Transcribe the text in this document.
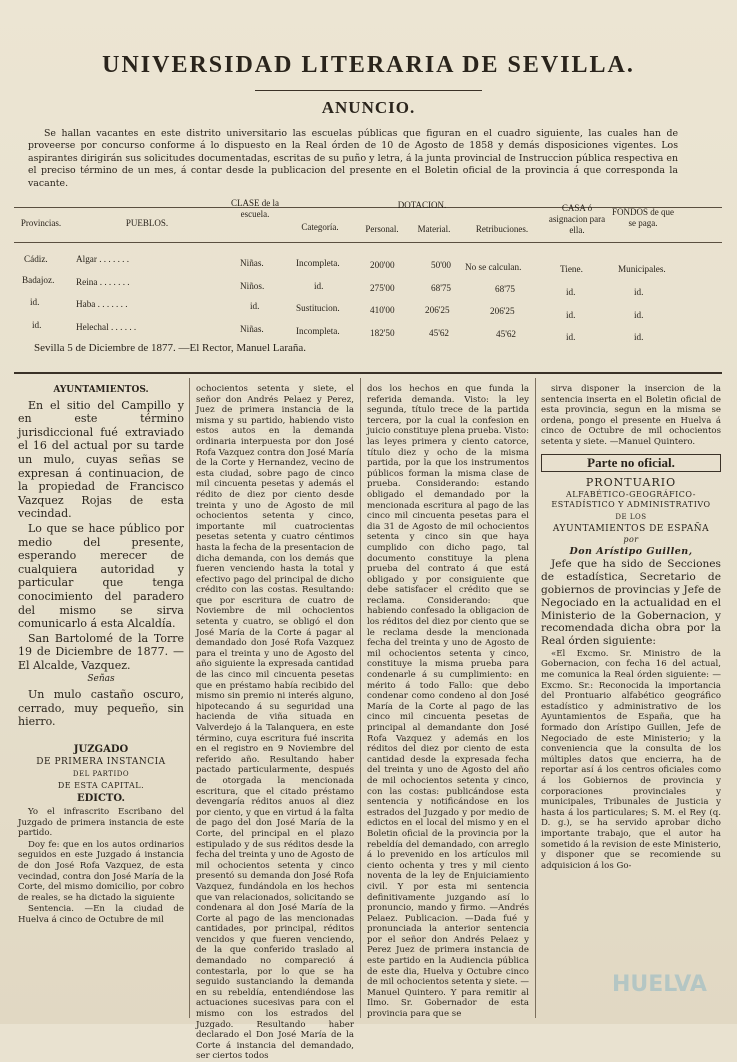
UNIVERSIDAD LITERARIA DE SEVILLA.
ANUNCIO.
Se hallan vacantes en este distrito universitario las escuelas públicas que figuran en el cuadro siguiente, las cuales han de proveerse por concurso conforme á lo dispuesto en la Real órden de 10 de Agosto de 1858 y demás disposiciones vigentes. Los aspirantes dirigirán sus solicitudes documentadas, escritas de su puño y letra, á la junta provincial de Instruccion pública respectiva en el preciso término de un mes, á contar desde la publicacion del presente en el Boletin oficial de la provincia á que corresponda la vacante.
Provincias.	PUEBLOS.
CLASE de la escuela.
Categoría.
DOTACION.
Personal.	Material.	Retribuciones.
CASA ó asignacion para ella.
FONDOS de que se paga.
Cádiz.	Algar . . . . . . .	Niñas.	Incompleta.	200'00	50'00 No se calculan.	Tiene.	Municipales.
Badajoz. Reina . . . . . . .	Niños.	id.	275'00	68'75	68'75	id.	id.
id.	Haba . . . . . . .	id.	Sustitucion.	410'00	206'25	206'25	id.	id.
id.	Helechal . . . . . .	Niñas.	Incompleta.	182'50	45'62	45'62	id.	id.
Sevilla 5 de Diciembre de 1877. —El Rector, Manuel Laraña.

AYUNTAMIENTOS.

En el sitio del Campillo y en este término jurisdiccional fué extraviado el 16 del actual por su tarde un mulo, cuyas señas se expresan á continuacion, de la propiedad de Francisco Vazquez Rojas de esta vecindad.

Lo que se hace público por medio del presente, esperando merecer de cualquiera autoridad y particular que tenga conocimiento del paradero del mismo se sirva comunicarlo á esta Alcaldía.

San Bartolomé de la Torre 19 de Diciembre de 1877. —El Alcalde, Vazquez.

Señas

Un mulo castaño oscuro, cerrado, muy pequeño, sin hierro.

JUZGADO

DE PRIMERA INSTANCIA

DEL PARTIDO

DE ESTA CAPITAL.

EDICTO.

Yo el infrascrito Escribano del Juzgado de primera instancia de este partido.

Doy fe: que en los autos ordinarios seguidos en este Juzgado á instancia de don José Rofa Vazquez, de esta vecindad, contra don José María de la Corte, del mismo domicilio, por cobro de reales, se ha dictado la siguiente

Sentencia. —En la ciudad de Huelva á cinco de Octubre de mil

ochocientos setenta y siete, el señor don Andrés Pelaez y Perez, Juez de primera instancia de la misma y su partido, habiendo visto estos autos en la demanda ordinaria interpuesta por don José Rofa Vazquez contra don José María de la Corte y Hernandez, vecino de esta ciudad, sobre pago de cinco mil cincuenta pesetas y además el rédito de diez por ciento desde treinta y uno de Agosto de mil ochocientos setenta y cinco, importante mil cuatrocientas pesetas setenta y cuatro céntimos hasta la fecha de la presentacion de dicha demanda, con los demás que fueren venciendo hasta la total y efectivo pago del principal de dicho crédito con las costas. Resultando: que por escritura de cuatro de Noviembre de mil ochocientos setenta y cuatro, se obligó el don José María de la Corte á pagar al demandado don José Rofa Vazquez para el treinta y uno de Agosto del año siguiente la expresada cantidad de las cinco mil cincuenta pesetas que en préstamo había recibido del mismo sin premio ni interés alguno, hipotecando á su seguridad una hacienda de viña situada en Valverdejo á la Talanquera, en este término, cuya escritura fué inscrita en el registro en 9 Noviembre del referido año. Resultando haber pactado particularmente, después de otorgada la mencionada escritura, que el citado préstamo devengaría réditos anuos al diez por ciento, y que en virtud á la falta de pago del don José María de la Corte, del principal en el plazo estipulado y de sus réditos desde la fecha del treinta y uno de Agosto de mil ochocientos setenta y cinco presentó su demanda don José Rofa Vazquez, fundándola en los hechos que van relacionados, solicitando se condenara al don José María de la Corte al pago de las mencionadas cantidades, por principal, réditos vencidos y que fueren venciendo, de la que conferido traslado al demandado no compareció á contestarla, por lo que se ha seguido sustanciando la demanda en su rebeldía, entendiéndose las actuaciones sucesivas para con el mismo con los estrados del Juzgado. Resultando haber declarado el Don José María de la Corte á instancia del demandado, ser ciertos todos

dos los hechos en que funda la referida demanda. Visto: la ley segunda, título trece de la partida tercera, por la cual la confesion en juicio constituye plena prueba. Visto: las leyes primera y ciento catorce, título diez y ocho de la misma partida, por la que los instrumentos públicos forman la misma clase de prueba. Considerando: estando obligado el demandado por la mencionada escritura al pago de las cinco mil cincuenta pesetas para el dia 31 de Agosto de mil ochocientos setenta y cinco sin que haya cumplido con dicho pago, tal documento constituye la plena prueba del contrato á que está obligado y por consiguiente que debe satisfacer el crédito que se reclama. Considerando: que habiendo confesado la obligacion de los réditos del diez por ciento que se le reclama desde la mencionada fecha del treinta y uno de Agosto de mil ochocientos setenta y cinco, constituye la misma prueba para condenarle á su cumplimiento: en mérito á todo Fallo: que debo condenar como condeno al don José María de la Corte al pago de las cinco mil cincuenta pesetas de principal al demandante don José Rofa Vazquez y además en los réditos del diez por ciento de esta cantidad desde la expresada fecha del treinta y uno de Agosto del año de mil ochocientos setenta y cinco, con las costas: publicándose esta sentencia y notificándose en los estrados del Juzgado y por medio de edictos en el local del mismo y en el Boletin oficial de la provincia por la rebeldía del demandado, con arreglo á lo prevenido en los artículos mil ciento ochenta y tres y mil ciento noventa de la ley de Enjuiciamiento civil. Y por esta mi sentencia definitivamente juzgando así lo pronuncio, mando y firmo. —Andrés Pelaez. Publicacion. —Dada fué y pronunciada la anterior sentencia por el señor don Andrés Pelaez y Perez Juez de primera instancia de este partido en la Audiencia pública de este dia, Huelva y Octubre cinco de mil ochocientos setenta y siete. —Manuel Quintero. Y para remitir al Ilmo. Sr. Gobernador de esta provincia para que se

sirva disponer la insercion de la sentencia inserta en el Boletin oficial de esta provincia, segun en la misma se ordena, pongo el presente en Huelva á cinco de Octubre de mil ochocientos setenta y siete. —Manuel Quintero.

Parte no oficial.

PRONTUARIO

ALFABÉTICO-GEOGRÁFICO-ESTADÍSTICO Y ADMINISTRATIVO

DE LOS

AYUNTAMIENTOS DE ESPAÑA

por

Don Arístipo Guillen,

Jefe que ha sido de Secciones de estadística, Secretario de gobiernos de provincias y Jefe de Negociado en la actualidad en el Ministerio de la Gobernacion, y recomendada dicha obra por la Real órden siguiente:

«El Excmo. Sr. Ministro de la Gobernacion, con fecha 16 del actual, me comunica la Real órden siguiente: —Excmo. Sr.: Reconocida la importancia del Prontuario alfabético geográfico estadístico y administrativo de los Ayuntamientos de España, que ha formado don Arístipo Guillen, Jefe de Negociado de este Ministerio; y la conveniencia que la consulta de los múltiples datos que encierra, ha de reportar así á los centros oficiales como á los Gobiernos de provincia y corporaciones provinciales y municipales, Tribunales de Justicia y hasta á los particulares; S. M. el Rey (q. D. g.), se ha servido aprobar dicho importante trabajo, que el autor ha sometido á la revision de este Ministerio, y disponer que se recomiende su adquisicion á los Go-

HUELVA
